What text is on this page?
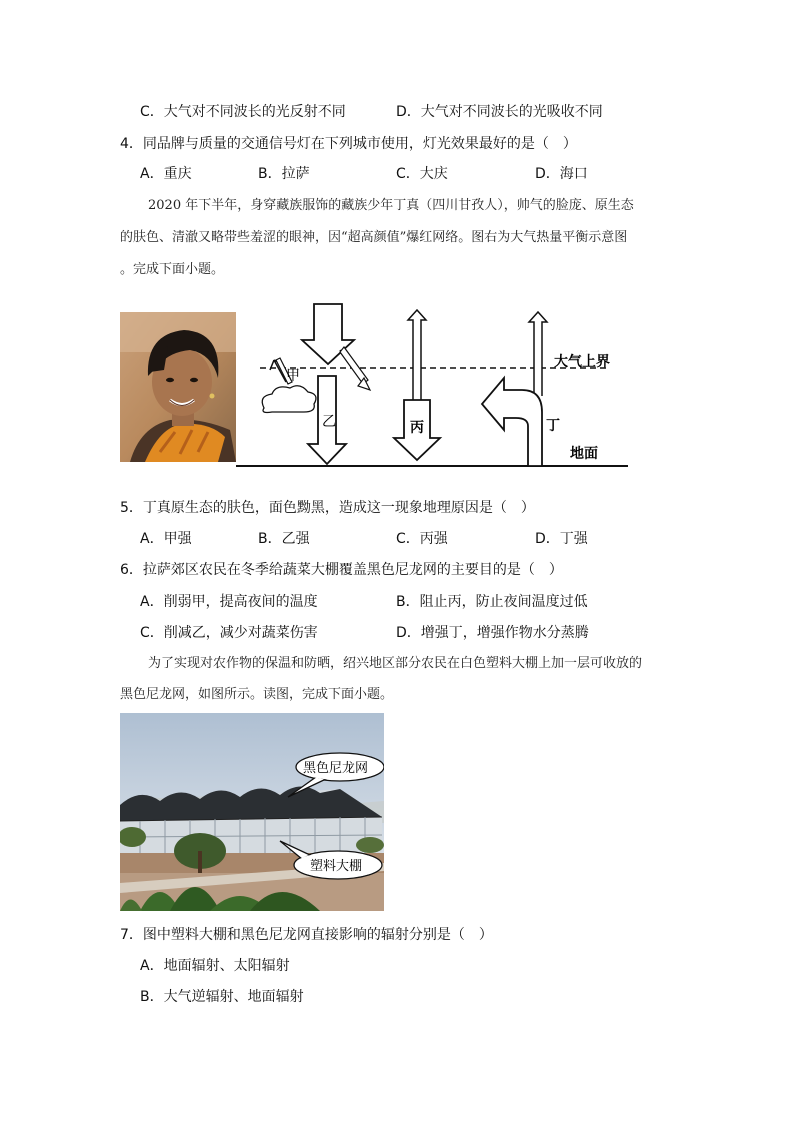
C．大气对不同波长的光反射不同	D．大气对不同波长的光吸收不同
4．同品牌与质量的交通信号灯在下列城市使用，灯光效果最好的是（　）
A．重庆	B．拉萨	C．大庆	D．海口
2020 年下半年，身穿藏族服饰的藏族少年丁真（四川甘孜人），帅气的脸庞、原生态
的肤色、清澈又略带些羞涩的眼神，因“超高颜值”爆红网络。图右为大气热量平衡示意图
。完成下面小题。
甲
乙	丙	丁
大气上界
地面
5．丁真原生态的肤色，面色黝黑，造成这一现象地理原因是（　）
A．甲强	B．乙强	C．丙强	D．丁强
6．拉萨郊区农民在冬季给蔬菜大棚覆盖黑色尼龙网的主要目的是（　）
A．削弱甲，提高夜间的温度	B．阻止丙，防止夜间温度过低
C．削减乙，减少对蔬菜伤害	D．增强丁，增强作物水分蒸腾
为了实现对农作物的保温和防晒，绍兴地区部分农民在白色塑料大棚上加一层可收放的
黑色尼龙网，如图所示。读图，完成下面小题。
黑色尼龙网
塑料大棚
7．图中塑料大棚和黑色尼龙网直接影响的辐射分别是（　）
A．地面辐射、太阳辐射
B．大气逆辐射、地面辐射
